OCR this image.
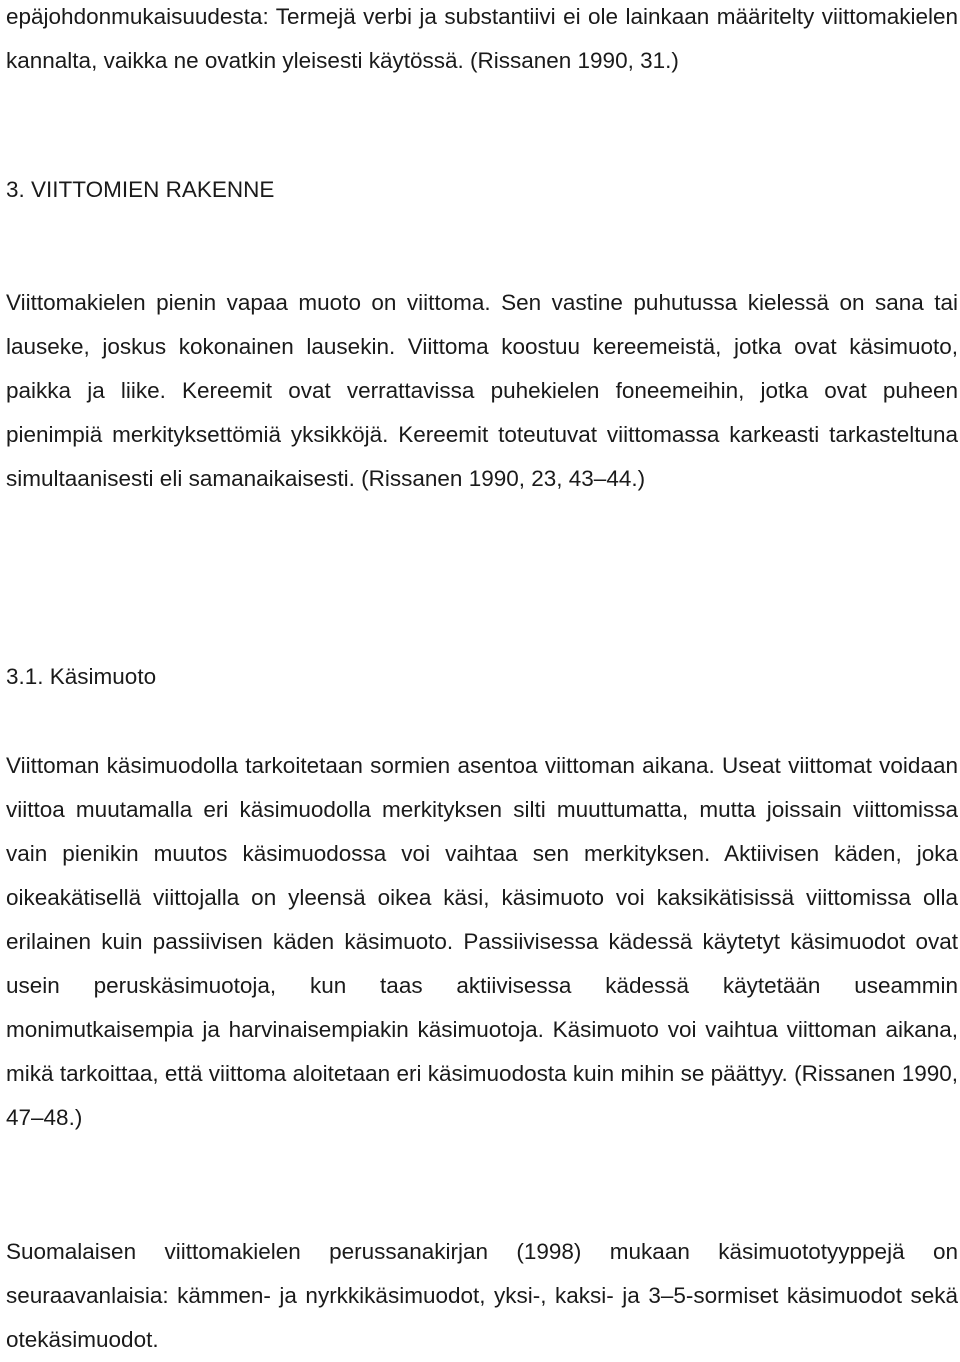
epäjohdonmukaisuudesta: Termejä verbi ja substantiivi ei ole lainkaan määritelty viittomakielen kannalta, vaikka ne ovatkin yleisesti käytössä. (Rissanen 1990, 31.)

3. VIITTOMIEN RAKENNE

Viittomakielen pienin vapaa muoto on viittoma. Sen vastine puhutussa kielessä on sana tai lauseke, joskus kokonainen lausekin. Viittoma koostuu kereemeistä, jotka ovat käsimuoto, paikka ja liike. Kereemit ovat verrattavissa puhekielen foneemeihin, jotka ovat puheen pienimpiä merkityksettömiä yksikköjä. Kereemit toteutuvat viittomassa karkeasti tarkasteltuna simultaanisesti eli samanaikaisesti. (Rissanen 1990, 23, 43–44.)

3.1. Käsimuoto

Viittoman käsimuodolla tarkoitetaan sormien asentoa viittoman aikana. Useat viittomat voidaan viittoa muutamalla eri käsimuodolla merkityksen silti muuttumatta, mutta joissain viittomissa vain pienikin muutos käsimuodossa voi vaihtaa sen merkityksen. Aktiivisen käden, joka oikeakätisellä viittojalla on yleensä oikea käsi, käsimuoto voi kaksikätisissä viittomissa olla erilainen kuin passiivisen käden käsimuoto. Passiivisessa kädessä käytetyt käsimuodot ovat usein peruskäsimuotoja, kun taas aktiivisessa kädessä käytetään useammin monimutkaisempia ja harvinaisempiakin käsimuotoja. Käsimuoto voi vaihtua viittoman aikana, mikä tarkoittaa, että viittoma aloitetaan eri käsimuodosta kuin mihin se päättyy. (Rissanen 1990, 47–48.)

Suomalaisen viittomakielen perussanakirjan (1998) mukaan käsimuototyyppejä on seuraavanlaisia: kämmen- ja nyrkkikäsimuodot, yksi-, kaksi- ja 3–5-sormiset käsimuodot sekä otekäsimuodot.
